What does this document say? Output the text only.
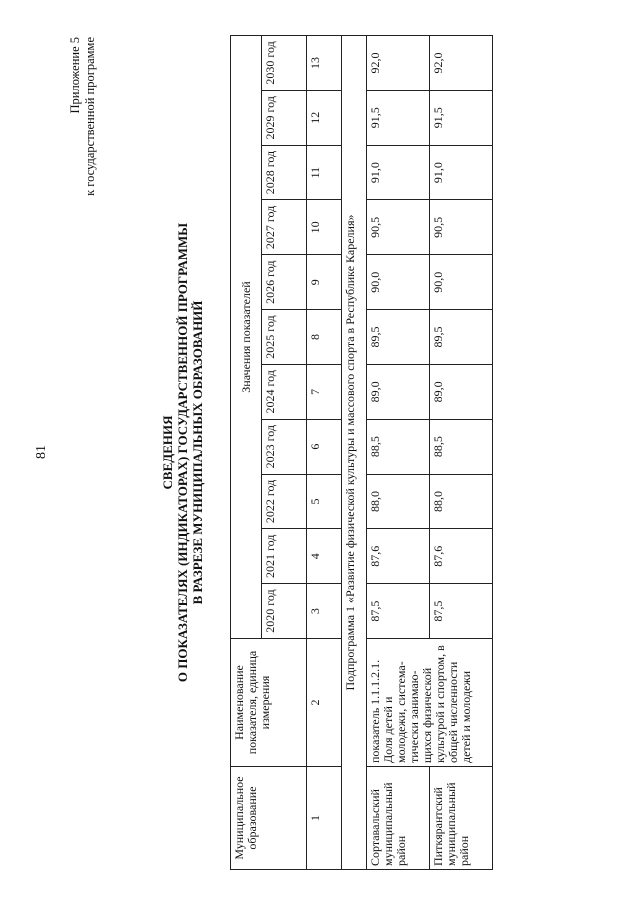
81
Приложение 5 к государственной программе
СВЕДЕНИЯ О ПОКАЗАТЕЛЯХ (ИНДИКАТОРАХ) ГОСУДАРСТВЕННОЙ ПРОГРАММЫ В РАЗРЕЗЕ МУНИЦИПАЛЬНЫХ ОБРАЗОВАНИЙ
Муниципальное образование	Наименование показателя, единица измерения	Значения показателей										
		2020 год	2021 год	2022 год	2023 год	2024 год	2025 год	2026 год	2027 год	2028 год	2029 год	2030 год
1	2	3	4	5	6	7	8	9	10	11	12	13
Подпрограмма 1 «Развитие физической культуры и массового спорта в Республике Карелия»												
Сортавальский муниципальный район	показатель 1.1.1.2.1. Доля детей и молодежи, система-тически занимаю-щихся физической культурой и спортом, в общей численности детей и молодежи	87,5	87,6	88,0	88,5	89,0	89,5	90,0	90,5	91,0	91,5	92,0

Питкярантский муниципальный район		87,5	87,6	88,0	88,5	89,0	89,5	90,0	90,5	91,0	91,5	92,0
